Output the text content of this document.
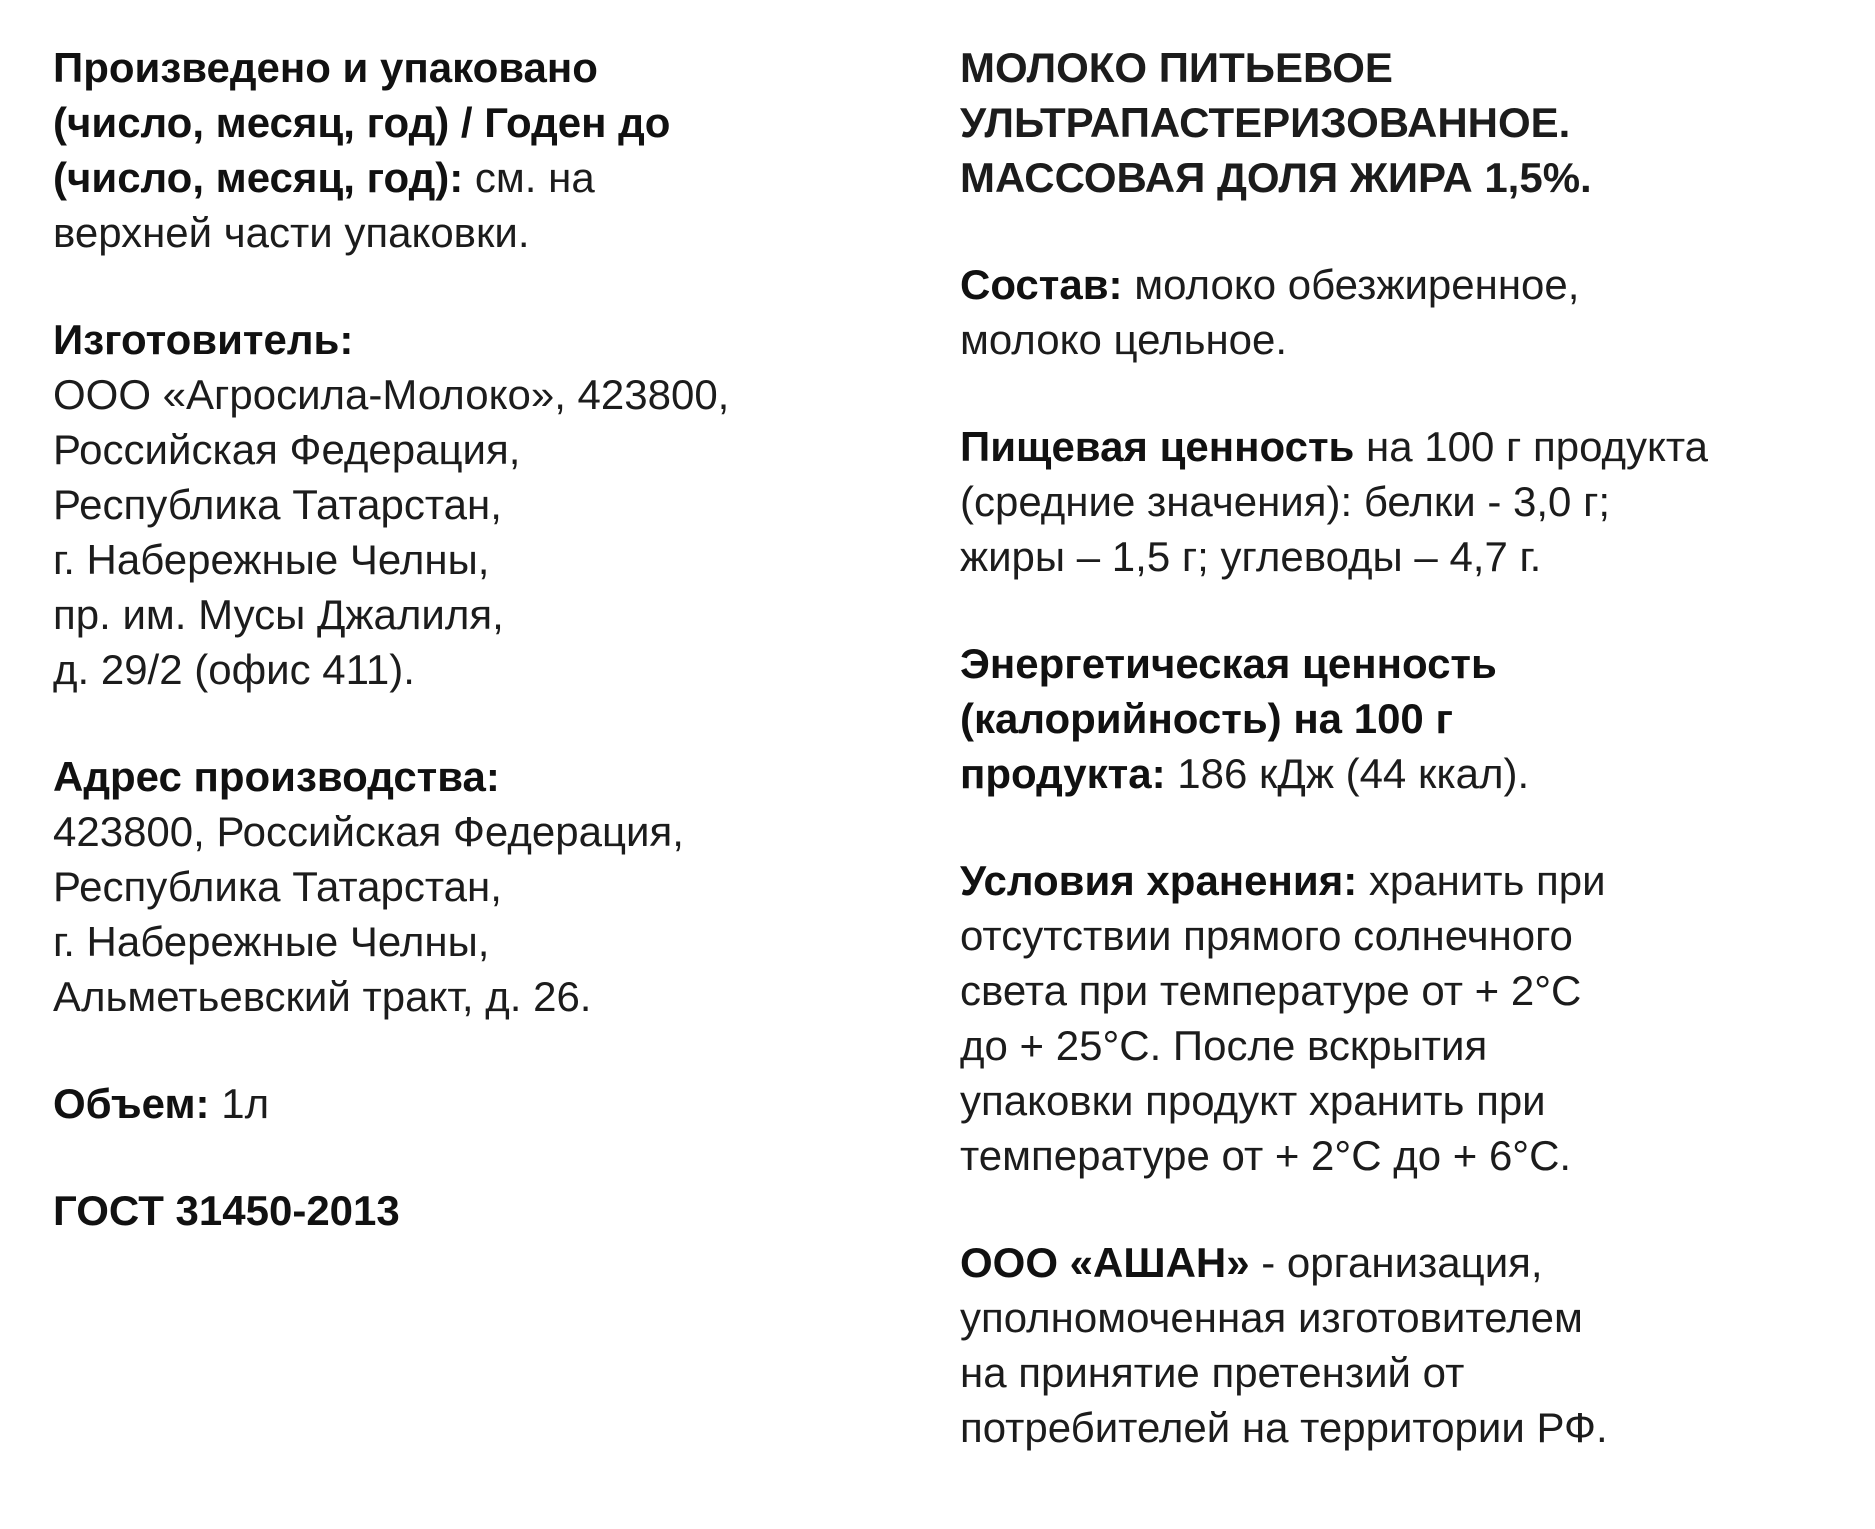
Произведено и упаковано
(число, месяц, год) / Годен до
(число, месяц, год): см. на
верхней части упаковки.
Изготовитель:
ООО «Агросила-Молоко», 423800,
Российская Федерация,
Республика Татарстан,
г. Набережные Челны,
пр. им. Мусы Джалиля,
д. 29/2 (офис 411).
Адрес производства:
423800, Российская Федерация,
Республика Татарстан,
г. Набережные Челны,
Альметьевский тракт, д. 26.
Объем: 1л
ГОСТ 31450-2013
МОЛОКО ПИТЬЕВОЕ
УЛЬТРАПАСТЕРИЗОВАННОЕ.
МАССОВАЯ ДОЛЯ ЖИРА 1,5%.
Состав: молоко обезжиренное,
молоко цельное.
Пищевая ценность на 100 г продукта
(средние значения): белки - 3,0 г;
жиры – 1,5 г; углеводы – 4,7 г.
Энергетическая ценность
(калорийность) на 100 г
продукта: 186 кДж (44 ккал).
Условия хранения: хранить при
отсутствии прямого солнечного
света при температуре от + 2°С
до + 25°С. После вскрытия
упаковки продукт хранить при
температуре от + 2°С до + 6°С.
ООО «АШАН» - организация,
уполномоченная изготовителем
на принятие претензий от
потребителей на территории РФ.
